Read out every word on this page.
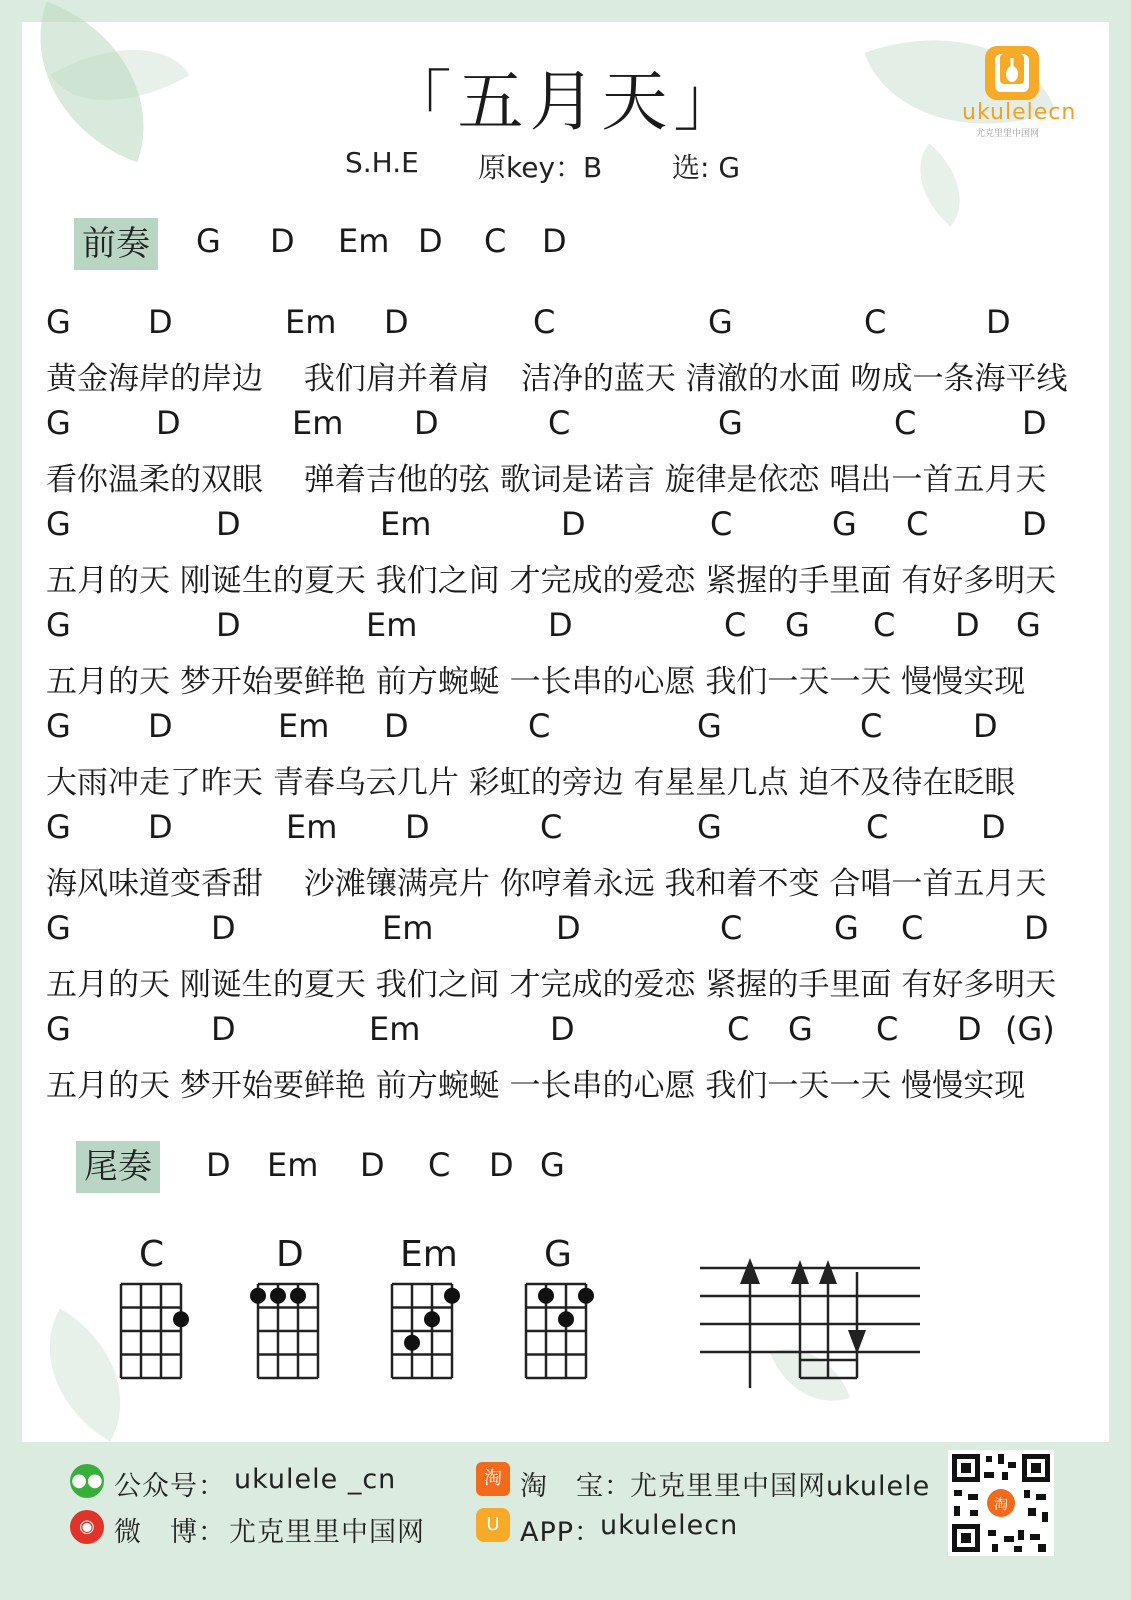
ukulelecn
尤克里里中国网
「五月天」
S.H.E 原key：B 选: G
前奏 G D Em D C D
G D	Em D	C	G	C	D
黄金海岸的岸边　 我们肩并着肩　洁净的蓝天 清澈的水面 吻成一条海平线
G	D	Em D	C	G	C	D
看你温柔的双眼　 弹着吉他的弦 歌词是诺言 旋律是依恋 唱出一首五月天
G	D	Em	D	C	G C	D
五月的天 刚诞生的夏天 我们之间 才完成的爱恋 紧握的手里面 有好多明天
G	D	Em	D	C G C D G
五月的天 梦开始要鲜艳 前方蜿蜒 一长串的心愿 我们一天一天 慢慢实现
G D	Em D	C	G	C	D
大雨冲走了昨天 青春乌云几片 彩虹的旁边 有星星几点 迫不及待在眨眼
G D	Em D	C	G	C	D
海风味道变香甜　 沙滩镶满亮片 你哼着永远 我和着不变 合唱一首五月天
G	D	Em	D	C	G C	D
五月的天 刚诞生的夏天 我们之间 才完成的爱恋 紧握的手里面 有好多明天
G	D	Em	D	C G C D (G)
五月的天 梦开始要鲜艳 前方蜿蜒 一长串的心愿 我们一天一天 慢慢实现
尾奏 D Em D C D G
C	D	Em G
●● 公众号： ukulele _cn
◉ 微　博： 尤克里里中国网
淘 淘　宝：
尤克里里中国网ukulele
U APP：
ukulelecn
淘
